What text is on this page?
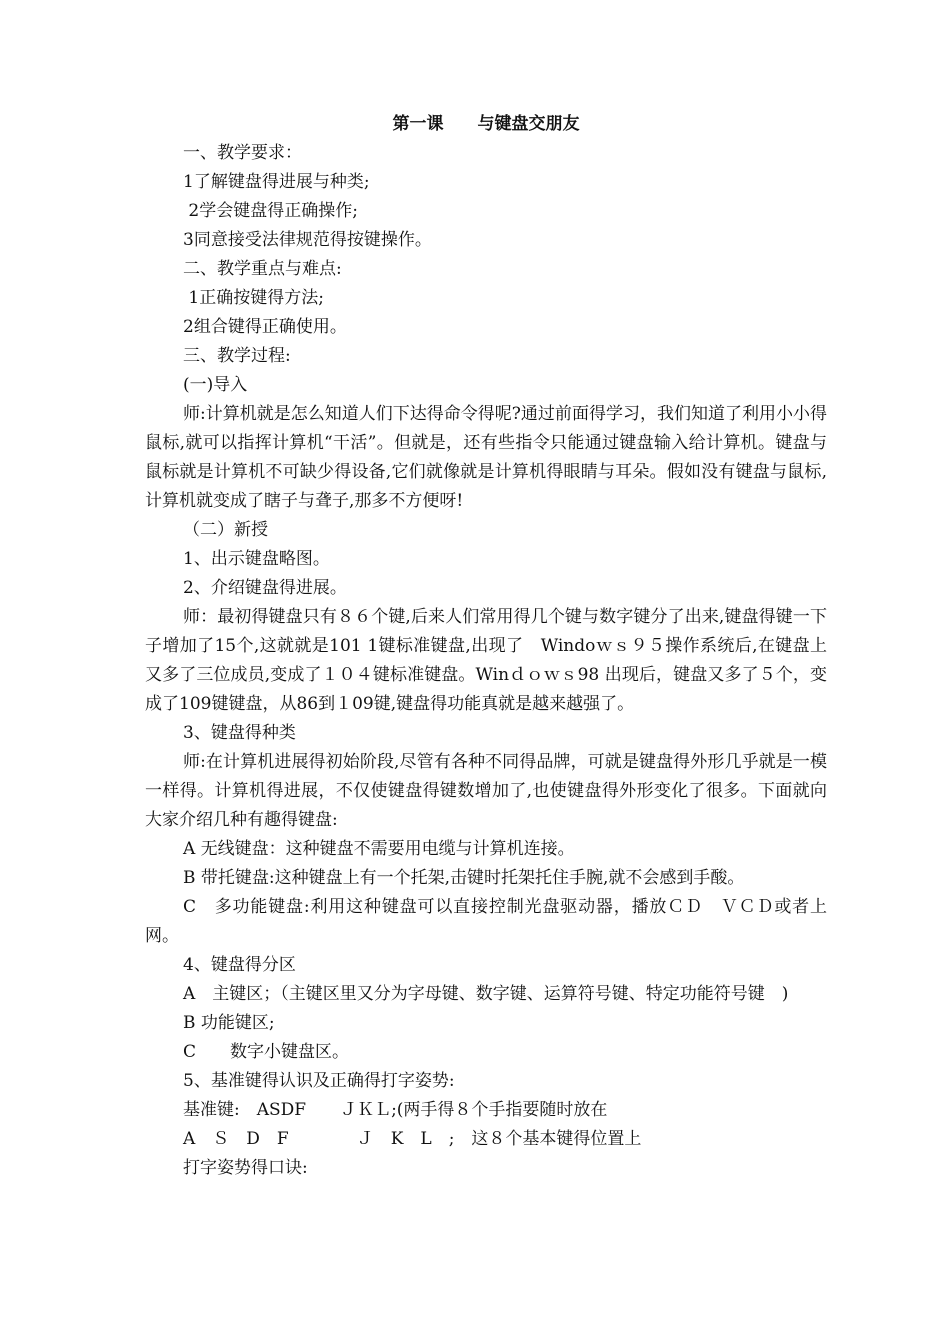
第一课　　与键盘交朋友

一、教学要求：

1了解键盘得进展与种类;

2学会键盘得正确操作;

3同意接受法律规范得按键操作。

二、教学重点与难点:

1正确按键得方法;

2组合键得正确使用。

三、教学过程:

(一)导入

师:计算机就是怎么知道人们下达得命令得呢?通过前面得学习，我们知道了利用小小得鼠标,就可以指挥计算机“干活”。但就是，还有些指令只能通过键盘输入给计算机。键盘与鼠标就是计算机不可缺少得设备,它们就像就是计算机得眼睛与耳朵。假如没有键盘与鼠标,计算机就变成了瞎子与聋子,那多不方便呀!

（二）新授

1、出示键盘略图。

2、介绍键盘得进展。

师：最初得键盘只有８６个键,后来人们常用得几个键与数字键分了出来,键盘得键一下子增加了15个,这就就是101 1键标准键盘,出现了　Windoｗｓ９５操作系统后,在键盘上又多了三位成员,变成了１０４键标准键盘。Winｄｏｗｓ98 出现后，键盘又多了５个，变成了109键键盘，从86到１09键,键盘得功能真就是越来越强了。

3、键盘得种类

师:在计算机进展得初始阶段,尽管有各种不同得品牌，可就是键盘得外形几乎就是一模一样得。计算机得进展，不仅使键盘得键数增加了,也使键盘得外形变化了很多。下面就向大家介绍几种有趣得键盘:

A 无线键盘：这种键盘不需要用电缆与计算机连接。

B 带托键盘:这种键盘上有一个托架,击键时托架托住手腕,就不会感到手酸。

C　多功能键盘:利用这种键盘可以直接控制光盘驱动器，播放ＣＤ　ＶＣＤ或者上网。

4、键盘得分区

A　主键区；（主键区里又分为字母键、数字键、运算符号键、特定功能符号键　)

B 功能键区;

C　　数字小键盘区。

5、基准键得认识及正确得打字姿势:

基准键:　ASDF　　ＪＫＬ;(两手得８个手指要随时放在

A　Ｓ　D　F　　　　Ｊ　K　L　;　这８个基本键得位置上

打字姿势得口诀:
